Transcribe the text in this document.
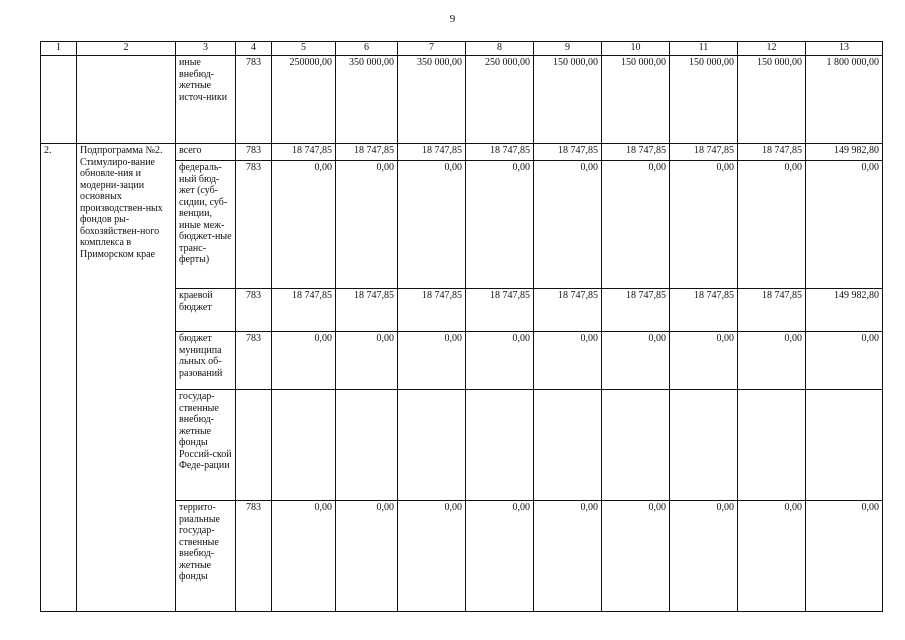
9
1	2	3	4	5	6	7	8	9	10	11	12	13
		иные внебюд-жетные источ-ники	783	250000,00	350 000,00	350 000,00	250 000,00	150 000,00	150 000,00	150 000,00	150 000,00	1 800 000,00
2.	Подпрограмма №2. Стимулиро-вание обновле-ния и модерни-зации основных производствен-ных фондов ры-бохозяйствен-ного комплекса в Приморском крае	всего	783	18 747,85	18 747,85	18 747,85	18 747,85	18 747,85	18 747,85	18 747,85	18 747,85	149 982,80
		федераль-ный бюд-жет (суб-сидии, суб-венции, иные меж-бюджет-ные транс-ферты)	783	0,00	0,00	0,00	0,00	0,00	0,00	0,00	0,00	0,00
		краевой бюджет	783	18 747,85	18 747,85	18 747,85	18 747,85	18 747,85	18 747,85	18 747,85	18 747,85	149 982,80
		бюджет муниципа льных об-разований	783	0,00	0,00	0,00	0,00	0,00	0,00	0,00	0,00	0,00
		государ-ственные внебюд-жетные фонды Россий-ской Феде-рации										
		террито-риальные государ-ственные внебюд-жетные фонды	783	0,00	0,00	0,00	0,00	0,00	0,00	0,00	0,00	0,00
